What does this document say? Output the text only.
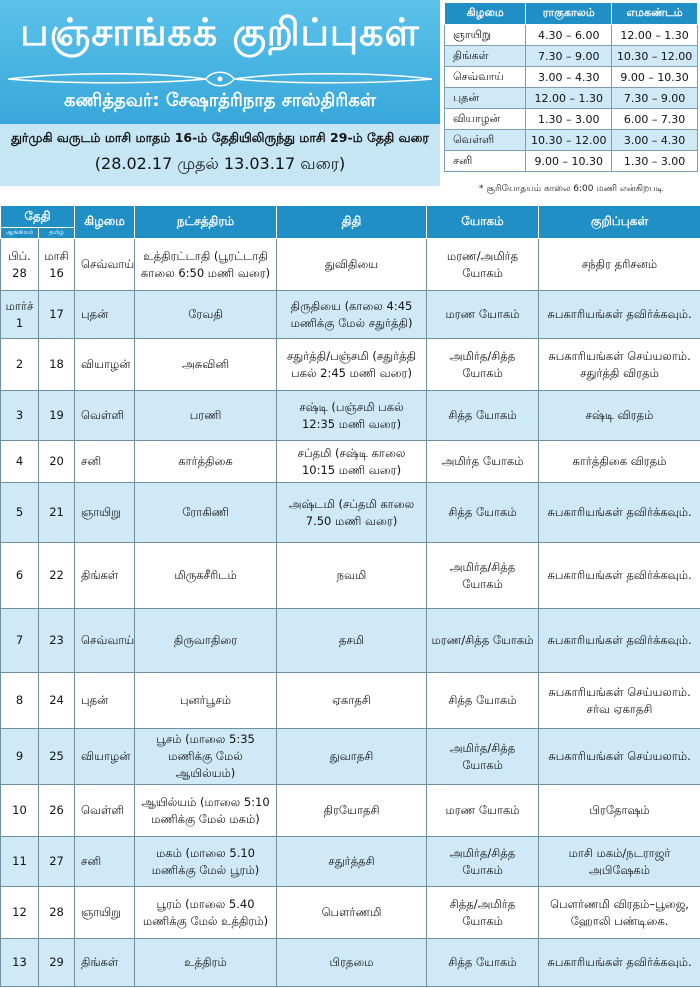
பஞ்சாங்கக் குறிப்புகள்
கணித்தவர்: சேஷாத்ரிநாத சாஸ்திரிகள்
துர்முகி வருடம் மாசி மாதம் 16-ம் தேதியிலிருந்து மாசி 29-ம் தேதி வரை
(28.02.17 முதல் 13.03.17 வரை)
கிழமை	ராகுகாலம்	எமகண்டம்
ஞாயிறு	4.30 – 6.00	12.00 – 1.30
திங்கள்	7.30 – 9.00	10.30 – 12.00
செவ்வாய்	3.00 – 4.30	9.00 – 10.30
புதன்	12.00 – 1.30	7.30 – 9.00
வியாழன்	1.30 – 3.00	6.00 – 7.30
வெள்ளி	10.30 – 12.00	3.00 – 4.30
சனி	9.00 – 10.30	1.30 – 3.00
* சூரியோதயம் காலை 6:00 மணி என்கிறபடி
தேதி		கிழமை	நட்சத்திரம்	திதி	யோகம்	குறிப்புகள்
ஆங்கிலம்	தமிழ்					
பிப். 28	மாசி 16	செவ்வாய்	உத்திரட்டாதி (பூரட்டாதி காலை 6:50 மணி வரை)	துவிதியை	மரண/அமிர்த யோகம்	சந்திர தரிசனம்
மார்ச் 1	17	புதன்	ரேவதி	திருதியை (காலை 4:45 மணிக்கு மேல் சதுர்த்தி)	மரண யோகம்	சுபகாரியங்கள் தவிர்க்கவும்.
2	18	வியாழன்	அசுவினி	சதுர்த்தி/பஞ்சமி (சதுர்த்தி பகல் 2:45 மணி வரை)	அமிர்த/சித்த யோகம்	சுபகாரியங்கள் செய்யலாம். சதுர்த்தி விரதம்
3	19	வெள்ளி	பரணி	சஷ்டி (பஞ்சமி பகல் 12:35 மணி வரை)	சித்த யோகம்	சஷ்டி விரதம்
4	20	சனி	கார்த்திகை	சப்தமி (சஷ்டி காலை 10:15 மணி வரை)	அமிர்த யோகம்	கார்த்திகை விரதம்
5	21	ஞாயிறு	ரோகிணி	அஷ்டமி (சப்தமி காலை 7.50 மணி வரை)	சித்த யோகம்	சுபகாரியங்கள் தவிர்க்கவும்.
6	22	திங்கள்	மிருகசீரிடம்	நவமி	அமிர்த/சித்த யோகம்	சுபகாரியங்கள் தவிர்க்கவும்.
7	23	செவ்வாய்	திருவாதிரை	தசமி	மரண/சித்த யோகம்	சுபகாரியங்கள் தவிர்க்கவும்.
8	24	புதன்	புனர்பூசம்	ஏகாதசி	சித்த யோகம்	சுபகாரியங்கள் செய்யலாம். சர்வ ஏகாதசி
9	25	வியாழன்	பூசம் (மாலை 5:35 மணிக்கு மேல் ஆயில்யம்)	துவாதசி	அமிர்த/சித்த யோகம்	சுபகாரியங்கள் செய்யலாம்.
10	26	வெள்ளி	ஆயில்யம் (மாலை 5:10 மணிக்கு மேல் மகம்)	திரயோதசி	மரண யோகம்	பிரதோஷம்
11	27	சனி	மகம் (மாலை 5.10 மணிக்கு மேல் பூரம்)	சதுர்த்தசி	அமிர்த/சித்த யோகம்	மாசி மகம்/நடராஜர் அபிஷேகம்
12	28	ஞாயிறு	பூரம் (மாலை 5.40 மணிக்கு மேல் உத்திரம்)	பௌர்ணமி	சித்த/அமிர்த யோகம்	பௌர்ணமி விரதம்–பூஜை, ஹோலி பண்டிகை.
13	29	திங்கள்	உத்திரம்	பிரதமை	சித்த யோகம்	சுபகாரியங்கள் தவிர்க்கவும்.
